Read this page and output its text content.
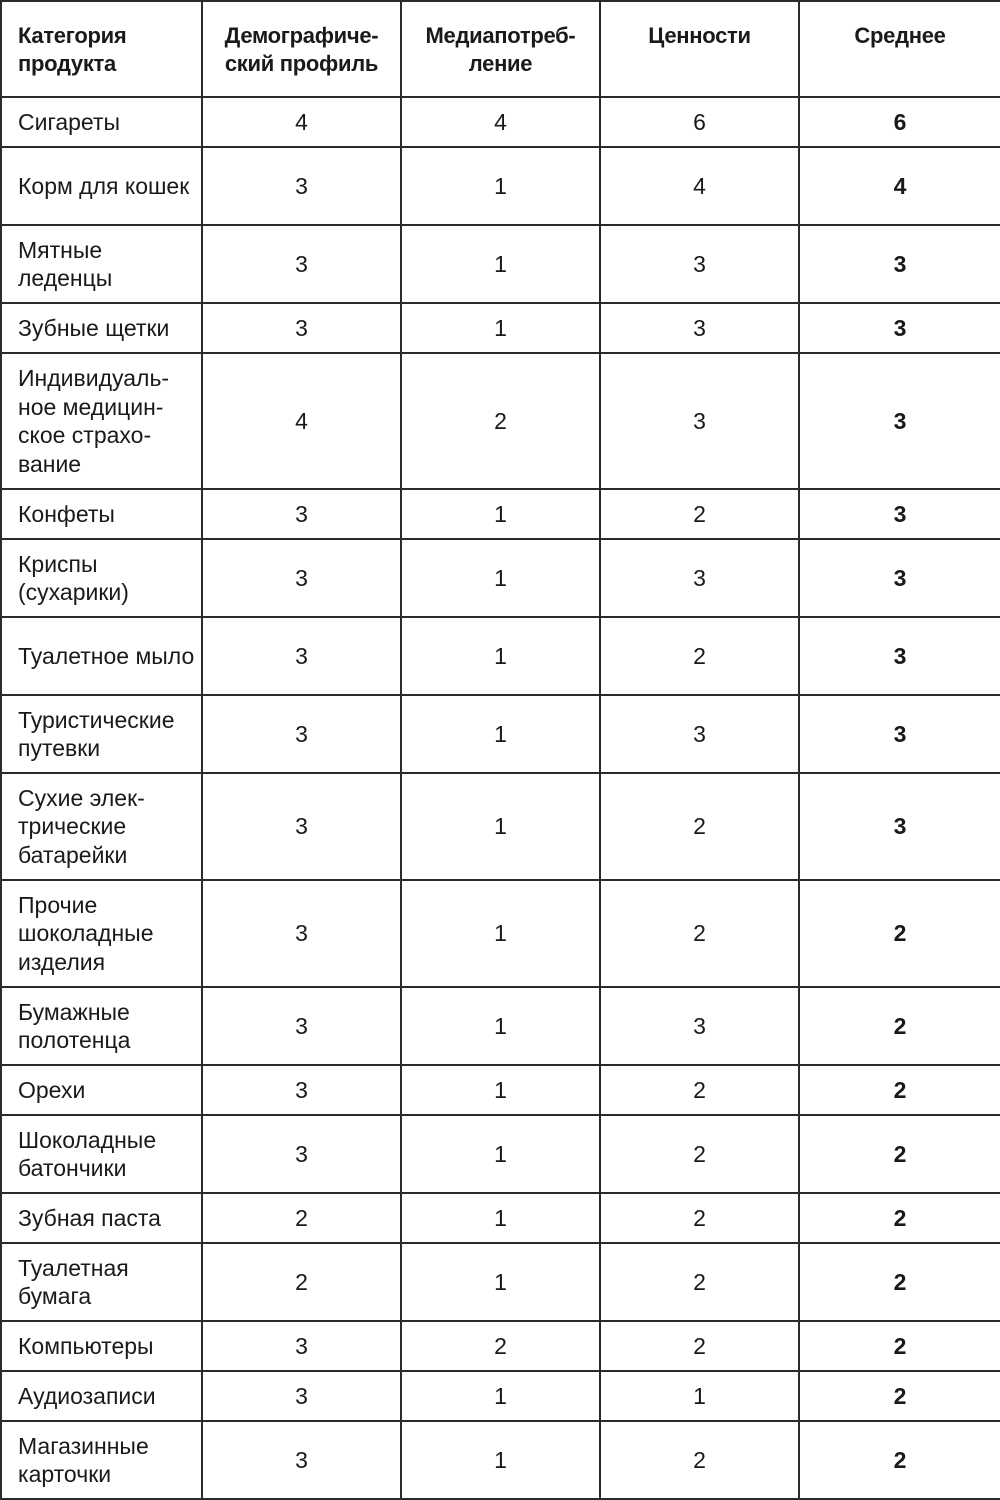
Категория продукта	Демографиче-ский профиль	Медиапотреб-ление	Ценности	Среднее
Сигареты	4	4	6	6
Корм для кошек	3	1	4	4
Мятные леденцы	3	1	3	3
Зубные щетки	3	1	3	3
Индивидуаль-ное медицин-ское страхо-вание	4	2	3	3
Конфеты	3	1	2	3
Криспы (сухарики)	3	1	3	3
Туалетное мыло	3	1	2	3
Туристические путевки	3	1	3	3
Сухие элек-трические батарейки	3	1	2	3
Прочие шоколадные изделия	3	1	2	2
Бумажные полотенца	3	1	3	2
Орехи	3	1	2	2
Шоколадные батончики	3	1	2	2
Зубная паста	2	1	2	2
Туалетная бумага	2	1	2	2
Компьютеры	3	2	2	2
Аудиозаписи	3	1	1	2
Магазинные карточки	3	1	2	2
